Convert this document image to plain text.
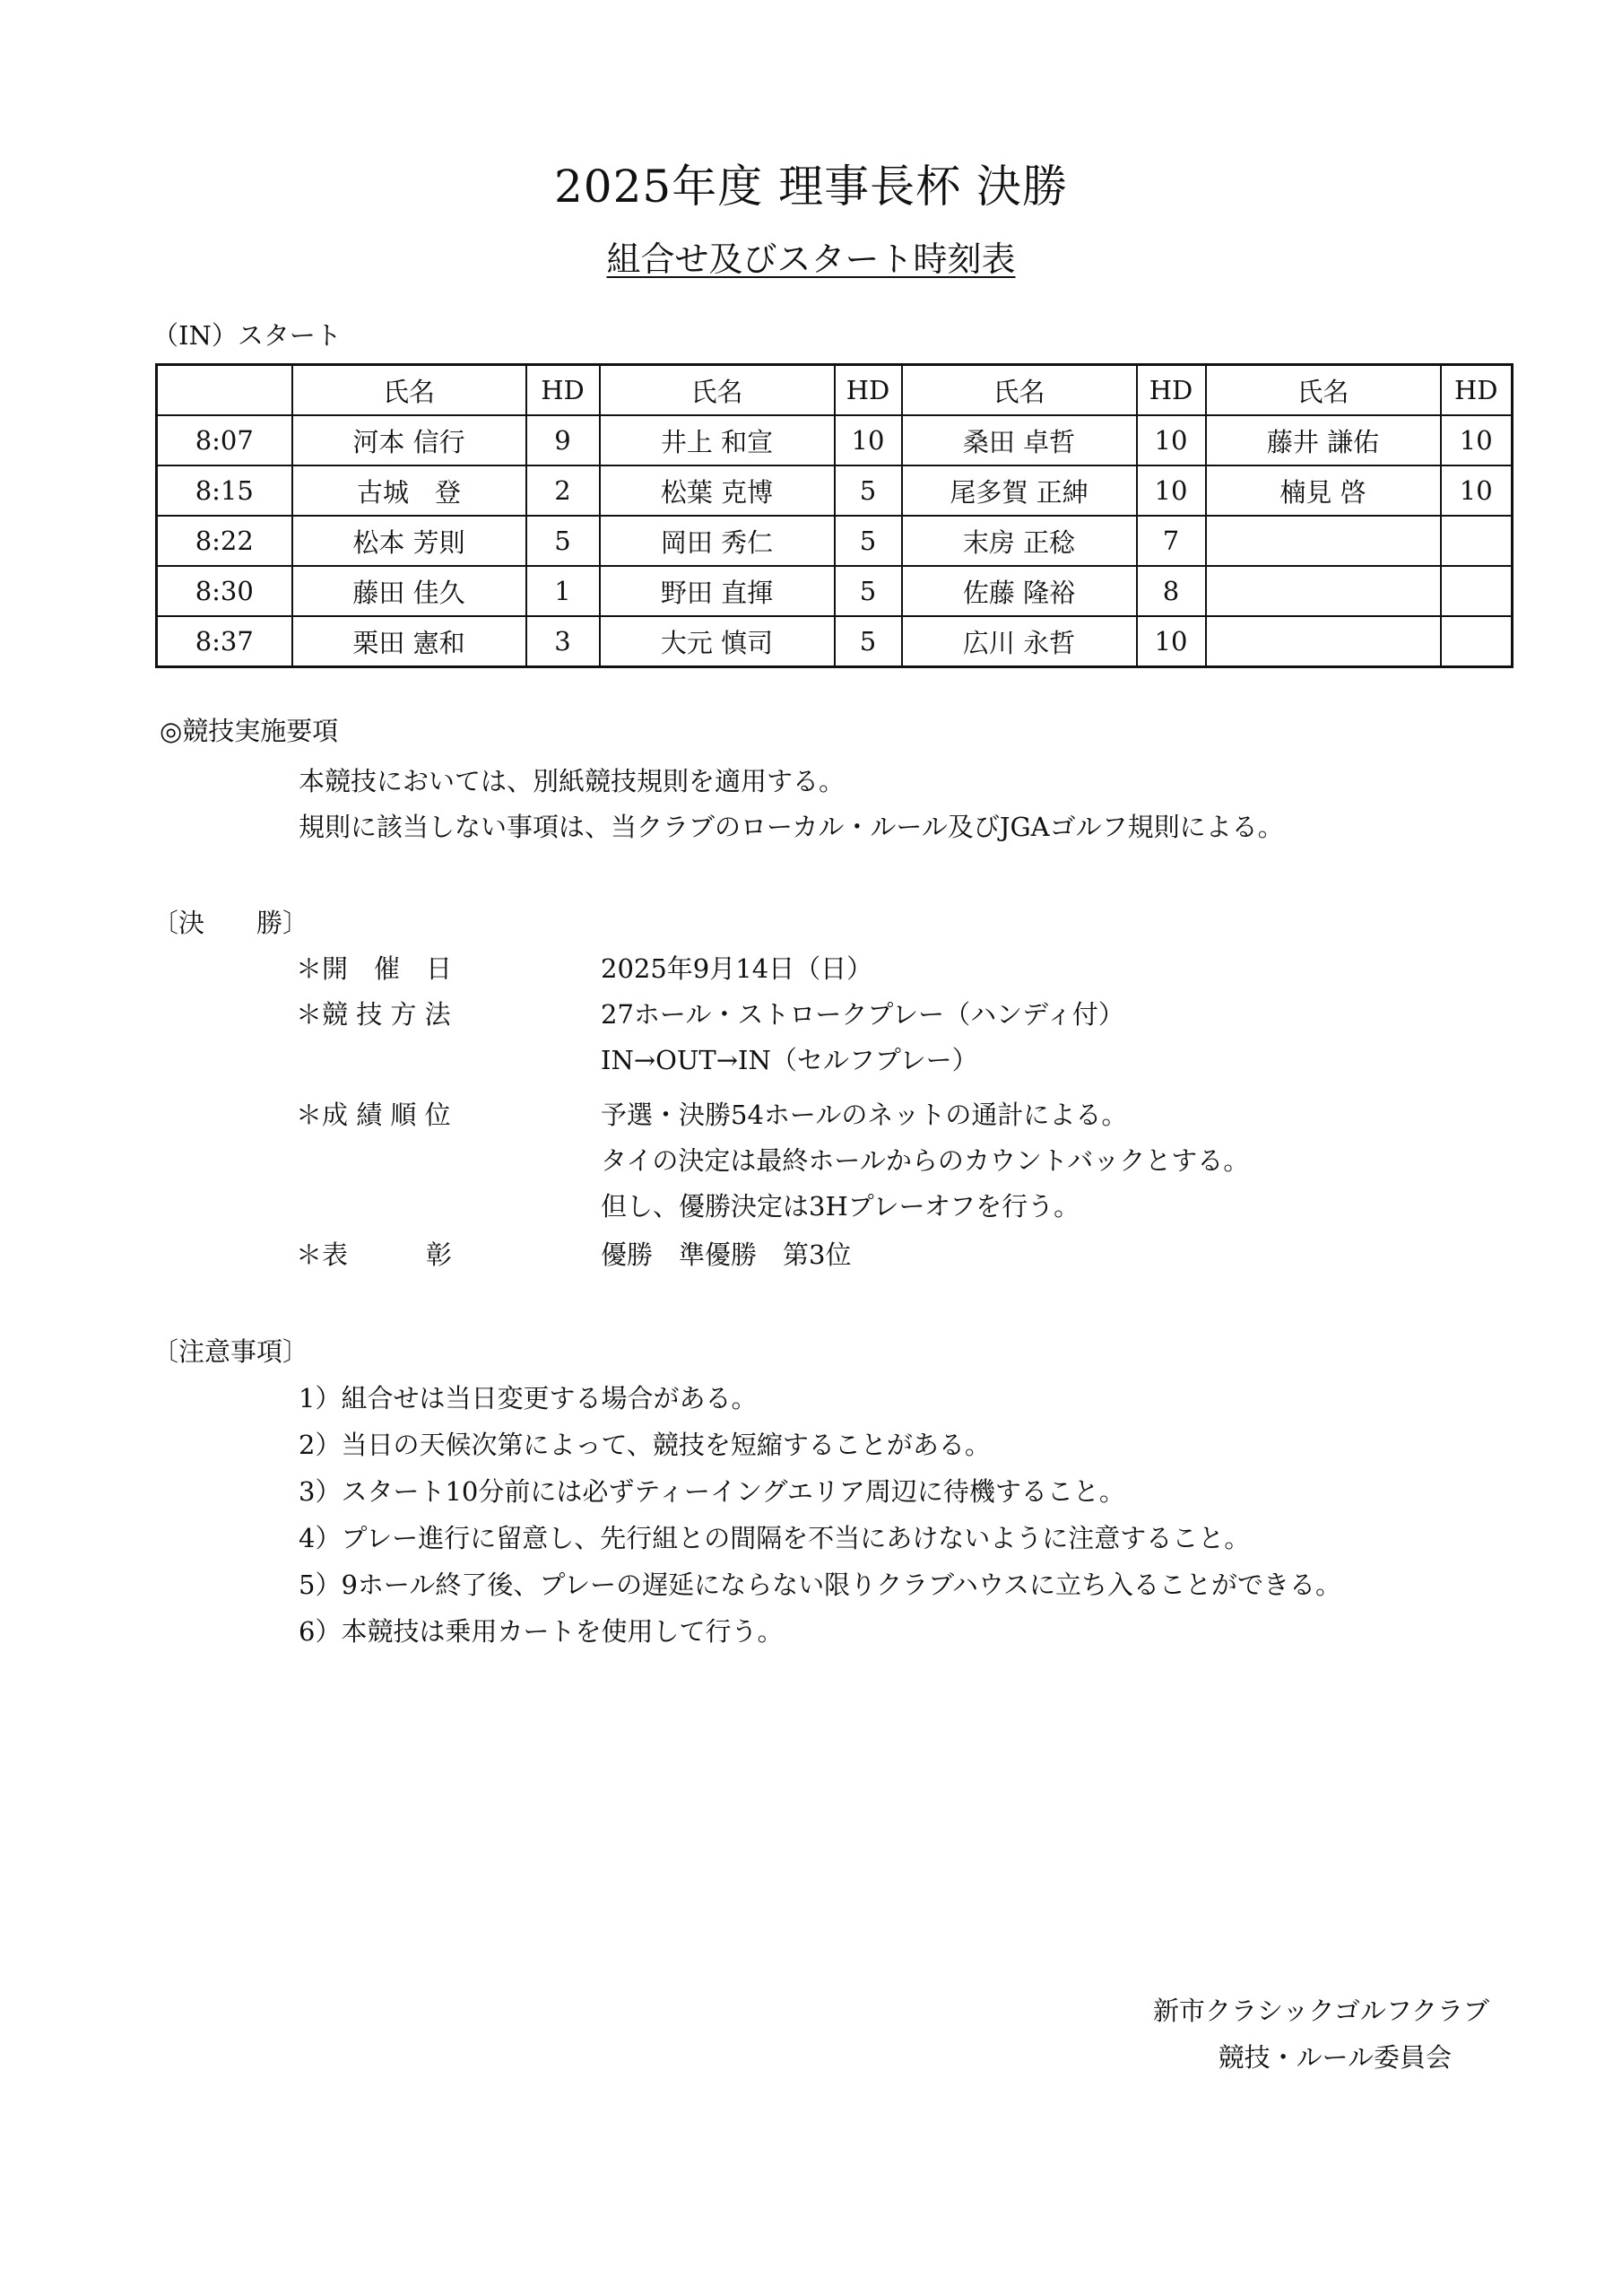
2025年度 理事長杯 決勝
組合せ及びスタート時刻表
（IN）スタート
	氏名	HD	氏名	HD	氏名	HD	氏名	HD
8:07	河本 信行	9	井上 和宣	10	桑田 卓哲	10	藤井 謙佑	10
8:15	古城　登	2	松葉 克博	5	尾多賀 正紳	10	楠見 啓	10
8:22	松本 芳則	5	岡田 秀仁	5	末房 正稔	7		
8:30	藤田 佳久	1	野田 直揮	5	佐藤 隆裕	8		
8:37	栗田 憲和	3	大元 慎司	5	広川 永哲	10		
◎競技実施要項
本競技においては、別紙競技規則を適用する。
規則に該当しない事項は、当クラブのローカル・ルール及びJGAゴルフ規則による。
〔決　　勝〕
＊開　催　日	2025年9月14日（日）
＊競 技 方 法	27ホール・ストロークプレー（ハンディ付）
IN→OUT→IN（セルフプレー）
＊成 績 順 位	予選・決勝54ホールのネットの通計による。
タイの決定は最終ホールからのカウントバックとする。
但し、優勝決定は3Hプレーオフを行う。
＊表　　　彰	優勝　準優勝　第3位
〔注意事項〕
1）組合せは当日変更する場合がある。
2）当日の天候次第によって、競技を短縮することがある。
3）スタート10分前には必ずティーイングエリア周辺に待機すること。
4）プレー進行に留意し、先行組との間隔を不当にあけないように注意すること。
5）9ホール終了後、プレーの遅延にならない限りクラブハウスに立ち入ることができる。
6）本競技は乗用カートを使用して行う。
新市クラシックゴルフクラブ
競技・ルール委員会
